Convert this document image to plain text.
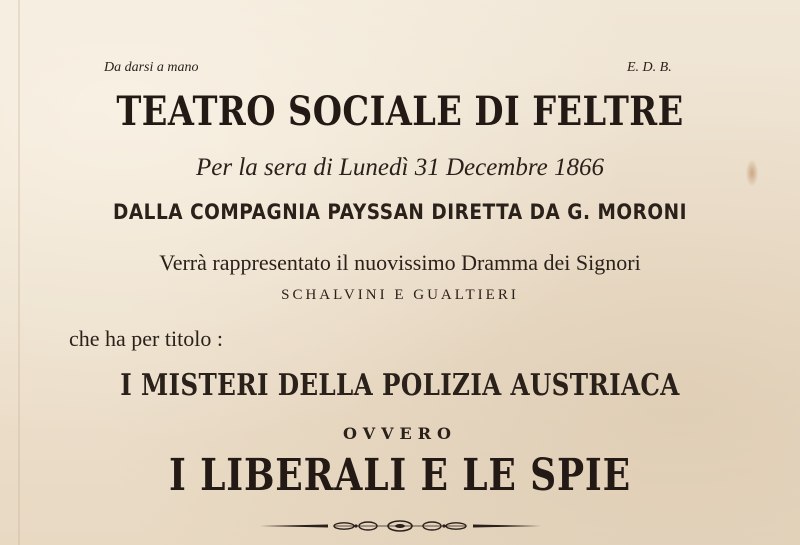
Da darsi a mano	E. D. B.
TEATRO SOCIALE DI FELTRE
Per la sera di Lunedì 31 Decembre 1866
DALLA COMPAGNIA PAYSSAN DIRETTA DA G. MORONI
Verrà rappresentato il nuovissimo Dramma dei Signori
SCHALVINI E GUALTIERI
che ha per titolo :
I MISTERI DELLA POLIZIA AUSTRIACA
OVVERO
I LIBERALI E LE SPIE
